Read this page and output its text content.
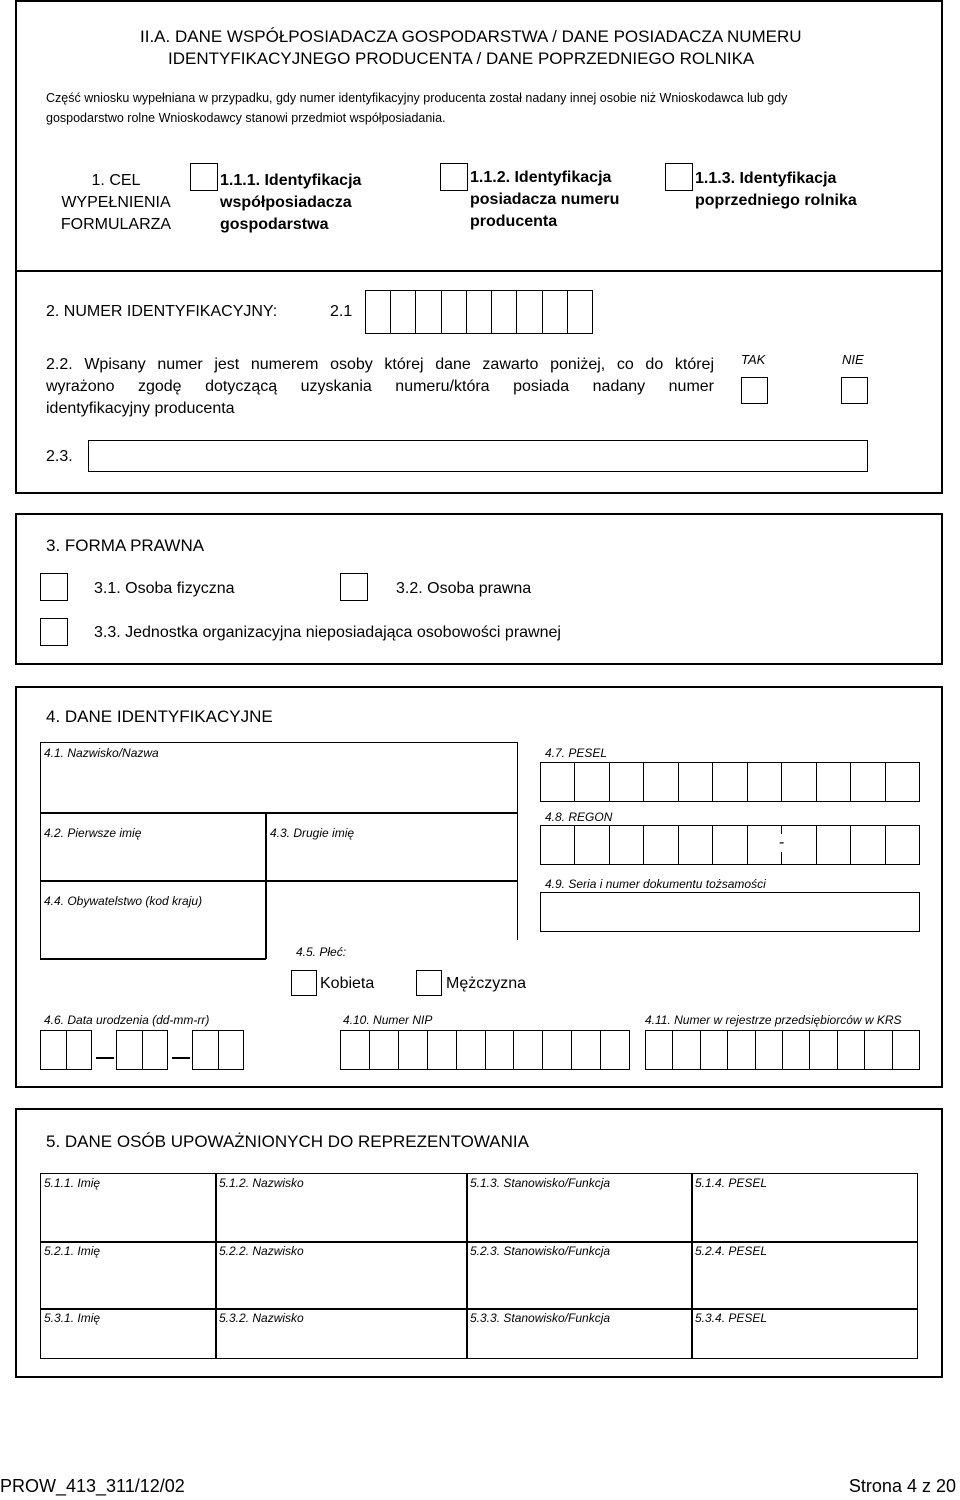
II.A. DANE WSPÓŁPOSIADACZA GOSPODARSTWA / DANE POSIADACZA NUMERU
IDENTYFIKACYJNEGO PRODUCENTA / DANE POPRZEDNIEGO ROLNIKA
Część wniosku wypełniana w przypadku, gdy numer identyfikacyjny producenta został nadany innej osobie niż Wnioskodawca lub gdy
gospodarstwo rolne Wnioskodawcy stanowi przedmiot współposiadania.
1. CEL
WYPEŁNIENIA
FORMULARZA
1.1.1. Identyfikacja
współposiadacza
gospodarstwa
1.1.2. Identyfikacja
posiadacza numeru
producenta
1.1.3. Identyfikacja
poprzedniego rolnika
2. NUMER IDENTYFIKACYJNY:	2.1
2.2. Wpisany numer jest numerem osoby której dane zawarto poniżej, co do której
wyrażono zgodę dotyczącą uzyskania numeru/która posiada nadany numer
identyfikacyjny producenta
TAK	NIE
2.3.
3. FORMA PRAWNA
3.1. Osoba fizyczna	3.2. Osoba prawna
3.3. Jednostka organizacyjna nieposiadająca osobowości prawnej
4. DANE IDENTYFIKACYJNE
4.1. Nazwisko/Nazwa
4.2. Pierwsze imię	4.3. Drugie imię
4.4. Obywatelstwo (kod kraju)
4.7. PESEL
4.8. REGON
-
4.9. Seria i numer dokumentu tożsamości
4.5. Płeć:
Kobieta	Mężczyzna
4.6. Data urodzenia (dd-mm-rr)	4.10. Numer NIP	4.11. Numer w rejestrze przedsiębiorców w KRS
5. DANE OSÓB UPOWAŻNIONYCH DO REPREZENTOWANIA
5.1.1. Imię	5.1.2. Nazwisko	5.1.3. Stanowisko/Funkcja	5.1.4. PESEL
5.2.1. Imię	5.2.2. Nazwisko	5.2.3. Stanowisko/Funkcja	5.2.4. PESEL
5.3.1. Imię	5.3.2. Nazwisko	5.3.3. Stanowisko/Funkcja	5.3.4. PESEL
PROW_413_311/12/02	Strona 4 z 20
